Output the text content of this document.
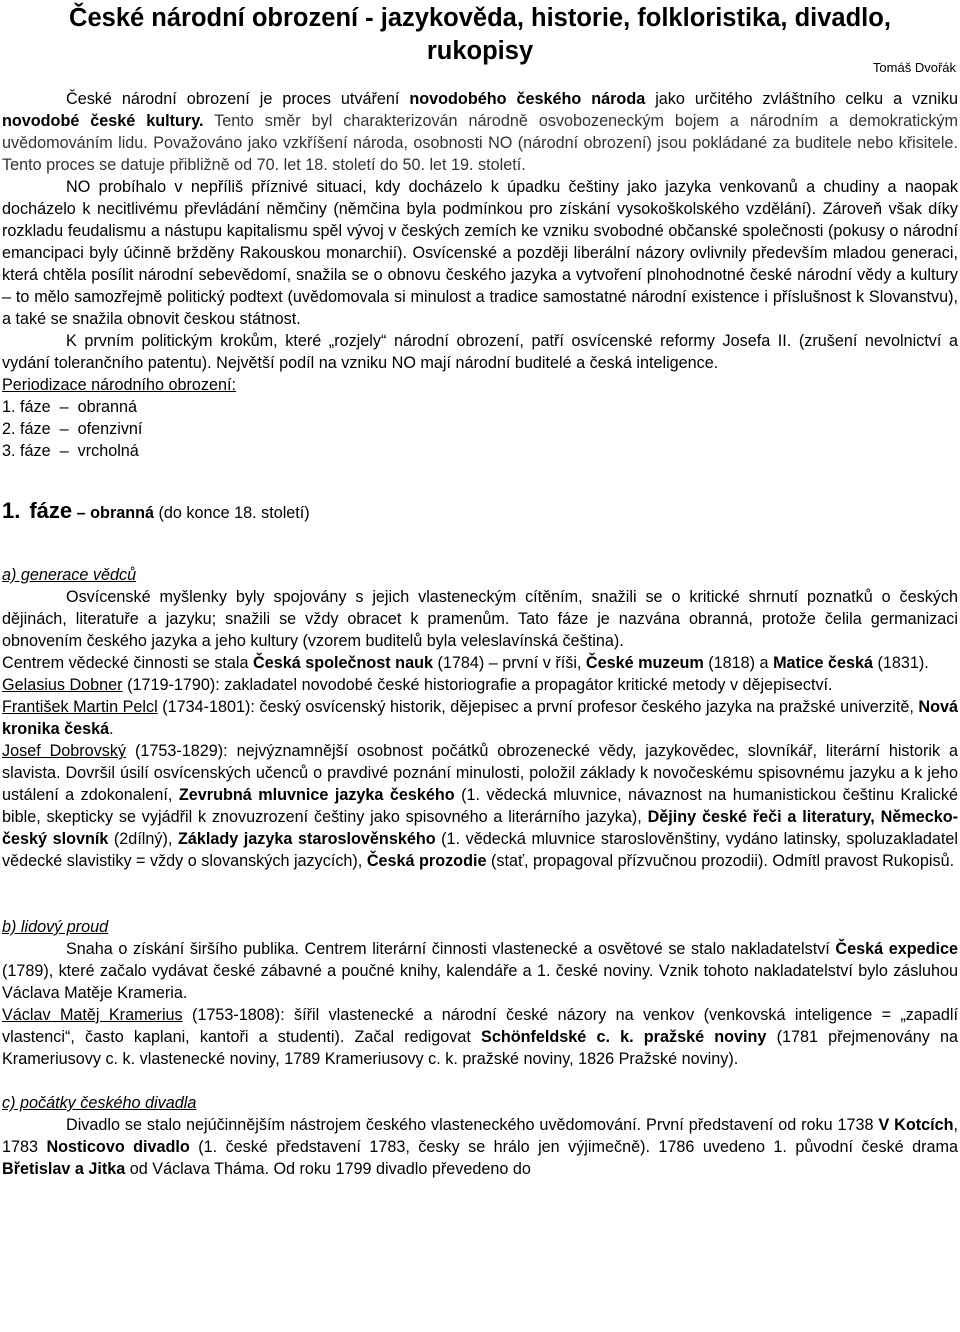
České národní obrození - jazykověda, historie, folkloristika, divadlo,
rukopisy
Tomáš Dvořák

České národní obrození je proces utváření novodobého českého národa jako určitého zvláštního celku a vzniku novodobé české kultury. Tento směr byl charakterizován národně osvobozeneckým bojem a národním a demokratickým uvědomováním lidu. Považováno jako vzkříšení národa, osobnosti NO (národní obrození) jsou pokládané za buditele nebo křisitele. Tento proces se datuje přibližně od 70. let 18. století do 50. let 19. století.

NO probíhalo v nepříliš příznivé situaci, kdy docházelo k úpadku češtiny jako jazyka venkovanů a chudiny a naopak docházelo k necitlivému převládání němčiny (němčina byla podmínkou pro získání vysokoškolského vzdělání). Zároveň však díky rozkladu feudalismu a nástupu kapitalismu spěl vývoj v českých zemích ke vzniku svobodné občanské společnosti (pokusy o národní emancipaci byly účinně bržděny Rakouskou monarchií). Osvícenské a později liberální názory ovlivnily především mladou generaci, která chtěla posílit národní sebevědomí, snažila se o obnovu českého jazyka a vytvoření plnohodnotné české národní vědy a kultury – to mělo samozřejmě politický podtext (uvědomovala si minulost a tradice samostatné národní existence i příslušnost k Slovanstvu), a také se snažila obnovit českou státnost.

K prvním politickým krokům, které „rozjely“ národní obrození, patří osvícenské reformy Josefa II. (zrušení nevolnictví a vydání tolerančního patentu). Největší podíl na vzniku NO mají národní buditelé a česká inteligence.

Periodizace národního obrození:

1. fáze – obranná
2. fáze – ofenzivní
3. fáze – vrcholná

1. fáze – obranná (do konce 18. století)

a) generace vědců

Osvícenské myšlenky byly spojovány s jejich vlasteneckým cítěním, snažili se o kritické shrnutí poznatků o českých dějinách, literatuře a jazyku; snažili se vždy obracet k pramenům. Tato fáze je nazvána obranná, protože čelila germanizaci obnovením českého jazyka a jeho kultury (vzorem buditelů byla veleslavínská čeština).

Centrem vědecké činnosti se stala Česká společnost nauk (1784) – první v říši, České muzeum (1818) a Matice česká (1831).

Gelasius Dobner (1719-1790): zakladatel novodobé české historiografie a propagátor kritické metody v dějepisectví.

František Martin Pelcl (1734-1801): český osvícenský historik, dějepisec a první profesor českého jazyka na pražské univerzitě, Nová kronika česká.

Josef Dobrovský (1753-1829): nejvýznamnější osobnost počátků obrozenecké vědy, jazykovědec, slovníkář, literární historik a slavista. Dovršil úsilí osvícenských učenců o pravdivé poznání minulosti, položil základy k novočeskému spisovnému jazyku a k jeho ustálení a zdokonalení, Zevrubná mluvnice jazyka českého (1. vědecká mluvnice, návaznost na humanistickou češtinu Kralické bible, skepticky se vyjádřil k znovuzrození češtiny jako spisovného a literárního jazyka), Dějiny české řeči a literatury, Německo-český slovník (2dílný), Základy jazyka staroslověnského (1. vědecká mluvnice staroslověnštiny, vydáno latinsky, spoluzakladatel vědecké slavistiky = vždy o slovanských jazycích), Česká prozodie (stať, propagoval přízvučnou prozodii). Odmítl pravost Rukopisů.

b) lidový proud

Snaha o získání širšího publika. Centrem literární činnosti vlastenecké a osvětové se stalo nakladatelství Česká expedice (1789), které začalo vydávat české zábavné a poučné knihy, kalendáře a 1. české noviny. Vznik tohoto nakladatelství bylo zásluhou Václava Matěje Krameria.

Václav Matěj Kramerius (1753-1808): šířil vlastenecké a národní české názory na venkov (venkovská inteligence = „zapadlí vlastenci“, často kaplani, kantoři a studenti). Začal redigovat Schönfeldské c. k. pražské noviny (1781 přejmenovány na Krameriusovy c. k. vlastenecké noviny, 1789 Krameriusovy c. k. pražské noviny, 1826 Pražské noviny).

c) počátky českého divadla

Divadlo se stalo nejúčinnějším nástrojem českého vlasteneckého uvědomování. První představení od roku 1738 V Kotcích, 1783 Nosticovo divadlo (1. české představení 1783, česky se hrálo jen výjimečně). 1786 uvedeno 1. původní české drama Břetislav a Jitka od Václava Tháma. Od roku 1799 divadlo převedeno do
